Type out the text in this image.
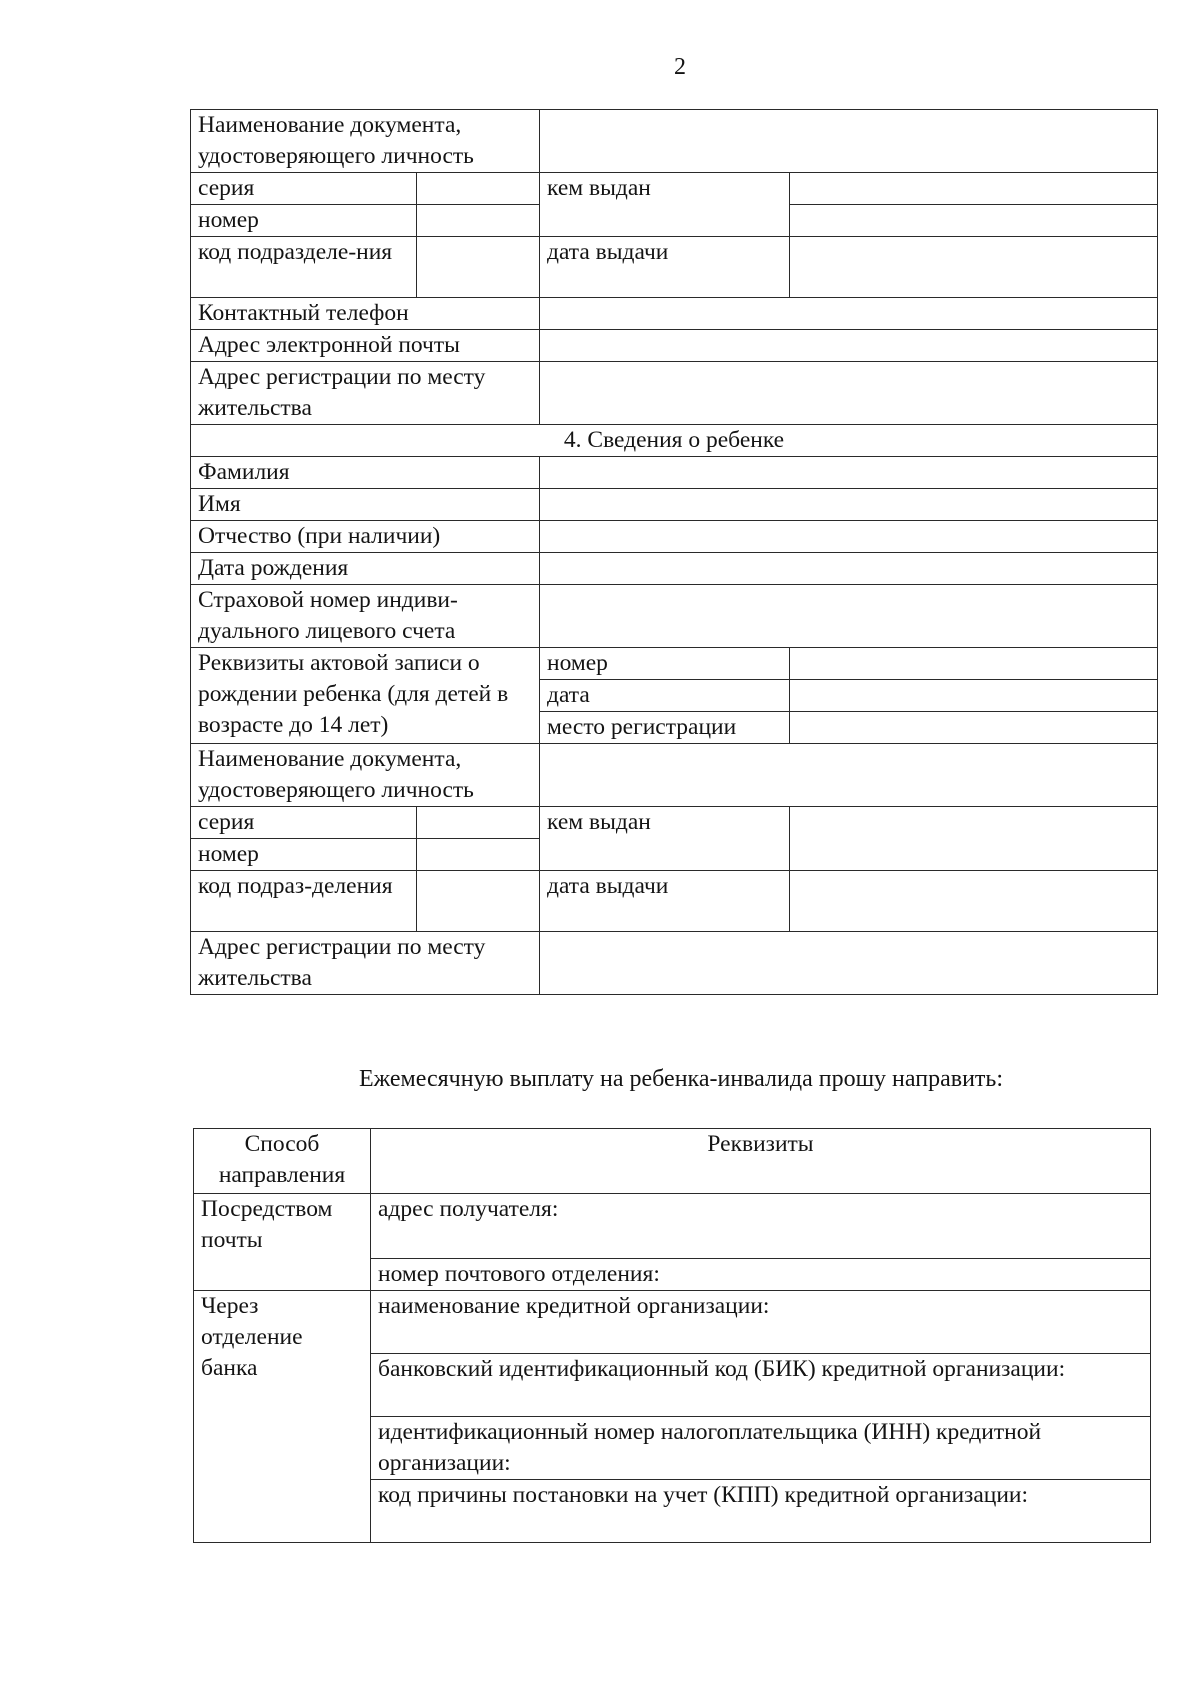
2
Наименование документа, удостоверяющего личность			
серия		кем выдан	
номер			
код подразделе-ния		дата выдачи	
Контактный телефон			
Адрес электронной почты			
Адрес регистрации по месту жительства			
4. Сведения о ребенке			
Фамилия			
Имя			
Отчество (при наличии)			
Дата рождения			
Страховой номер индиви-дуального лицевого счета			
Реквизиты актовой записи о рождении ребенка (для детей в возрасте до 14 лет)		номер	
		дата	
		место регистрации	
Наименование документа, удостоверяющего личность			
серия		кем выдан	
номер			
код подраз-деления		дата выдачи	
Адрес регистрации по месту жительства			
Ежемесячную выплату на ребенка-инвалида прошу направить:
Способ направления	Реквизиты
Посредством почты	адрес получателя:
	номер почтового отделения:
Через отделение банка	наименование кредитной организации:
	банковский идентификационный код (БИК) кредитной организации:
	идентификационный номер налогоплательщика (ИНН) кредитной организации:
	код причины постановки на учет (КПП) кредитной организации:
